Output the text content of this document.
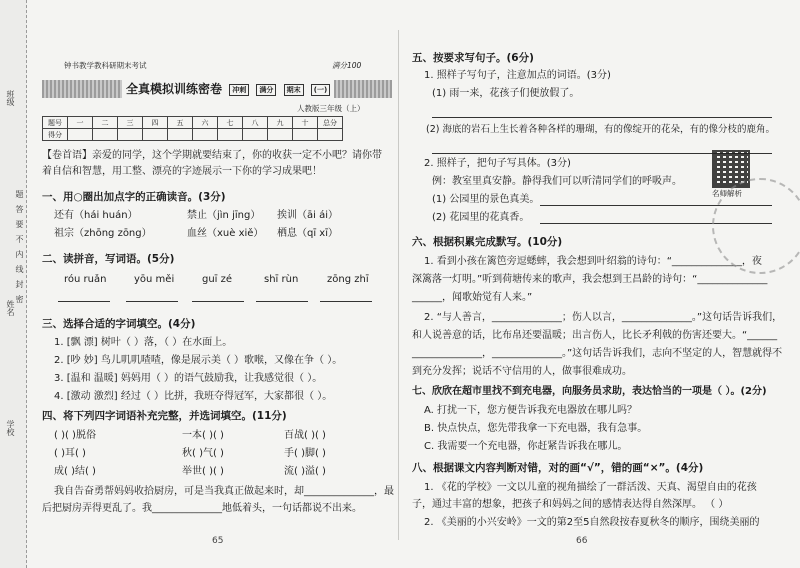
班级
姓名
学校
题
答
要
不
内
线
封
密
钟书教学教科研期末考试	满分100
全真模拟训练密卷 冲刺 满分 期末 (一)
人教版三年级（上）
题号	一	二	三	四	五	六	七	八	九	十	总分
得分											
【卷首语】亲爱的同学，这个学期就要结束了，你的收获一定不小吧？请你带
着自信和智慧，用工整、漂亮的字迹展示一下你的学习成果吧！
一、用○圈出加点字的正确读音。(3分)
还有（hái huán）	禁止（jìn jīng） 挨训（āi ái）
祖宗（zhōng zōng）	血丝（xuè xiě） 栖息（qī xī）
二、读拼音，写词语。(5分)
róu ruǎn	yōu měi	guī zé	shī rùn	zōng zhī
三、选择合适的字词填空。(4分)
1. [飘 漂] 树叶（ ）落，（ ）在水面上。
2. [吵 妙] 鸟儿叽叽喳喳，像是展示美（ ）歌喉，又像在争（ ）。
3. [温和 温暖] 妈妈用（ ）的语气鼓励我，让我感觉很（ ）。
4. [激动 激烈] 经过（ ）比拼，我班夺得冠军，大家都很（ ）。
四、将下列四字词语补充完整，并选词填空。(11分)
( )( )脱俗	一本( )( )	百战( )( )
( )耳( )	秋( )气( )	手( )脚( )
成( )结( )	举世( )( )	流( )溢( )
我自告奋勇帮妈妈收拾厨房，可是当我真正做起来时，却______________，最
后把厨房弄得更乱了。我______________地低着头，一句话都说不出来。
65
五、按要求写句子。(6分)
1. 照样子写句子，注意加点的词语。(3分)
(1) 雨一来，花孩子们便放假了。
(2) 海底的岩石上生长着各种各样的珊瑚，有的像绽开的花朵，有的像分枝的鹿角。
2. 照样子，把句子写具体。(3分)
名师解析
例：教室里真安静。静得我们可以听清同学们的呼吸声。
(1) 公园里的景色真美。
(2) 花园里的花真香。
六、根据积累完成默写。(10分)
1. 看到小孩在篱笆旁逗蟋蟀，我会想到叶绍翁的诗句：“______________，夜
深篱落一灯明。”听到荷塘传来的歌声，我会想到王昌龄的诗句：“______________
______，闻歌始觉有人来。”
2. “与人善言，______________；伤人以言，______________。”这句话告诉我们，
和人说善意的话，比布帛还要温暖；出言伤人，比长矛利戟的伤害还要大。“______
______________，______________。”这句话告诉我们，志向不坚定的人，智慧就得不
到充分发挥；说话不守信用的人，做事很难成功。
七、欣欣在超市里找不到充电器，向服务员求助，表达恰当的一项是（ ）。(2分)
A. 打扰一下，您方便告诉我充电器放在哪儿吗？
B. 快点快点，您先带我拿一下充电器，我有急事。
C. 我需要一个充电器，你赶紧告诉我在哪儿。
八、根据课文内容判断对错，对的画“√”，错的画“×”。(4分)
1. 《花的学校》一文以儿童的视角描绘了一群活泼、天真、渴望自由的花孩
子，通过丰富的想象，把孩子和妈妈之间的感情表达得自然深厚。 （ ）
2. 《美丽的小兴安岭》一文的第2至5自然段按春夏秋冬的顺序，围绕美丽的
66
